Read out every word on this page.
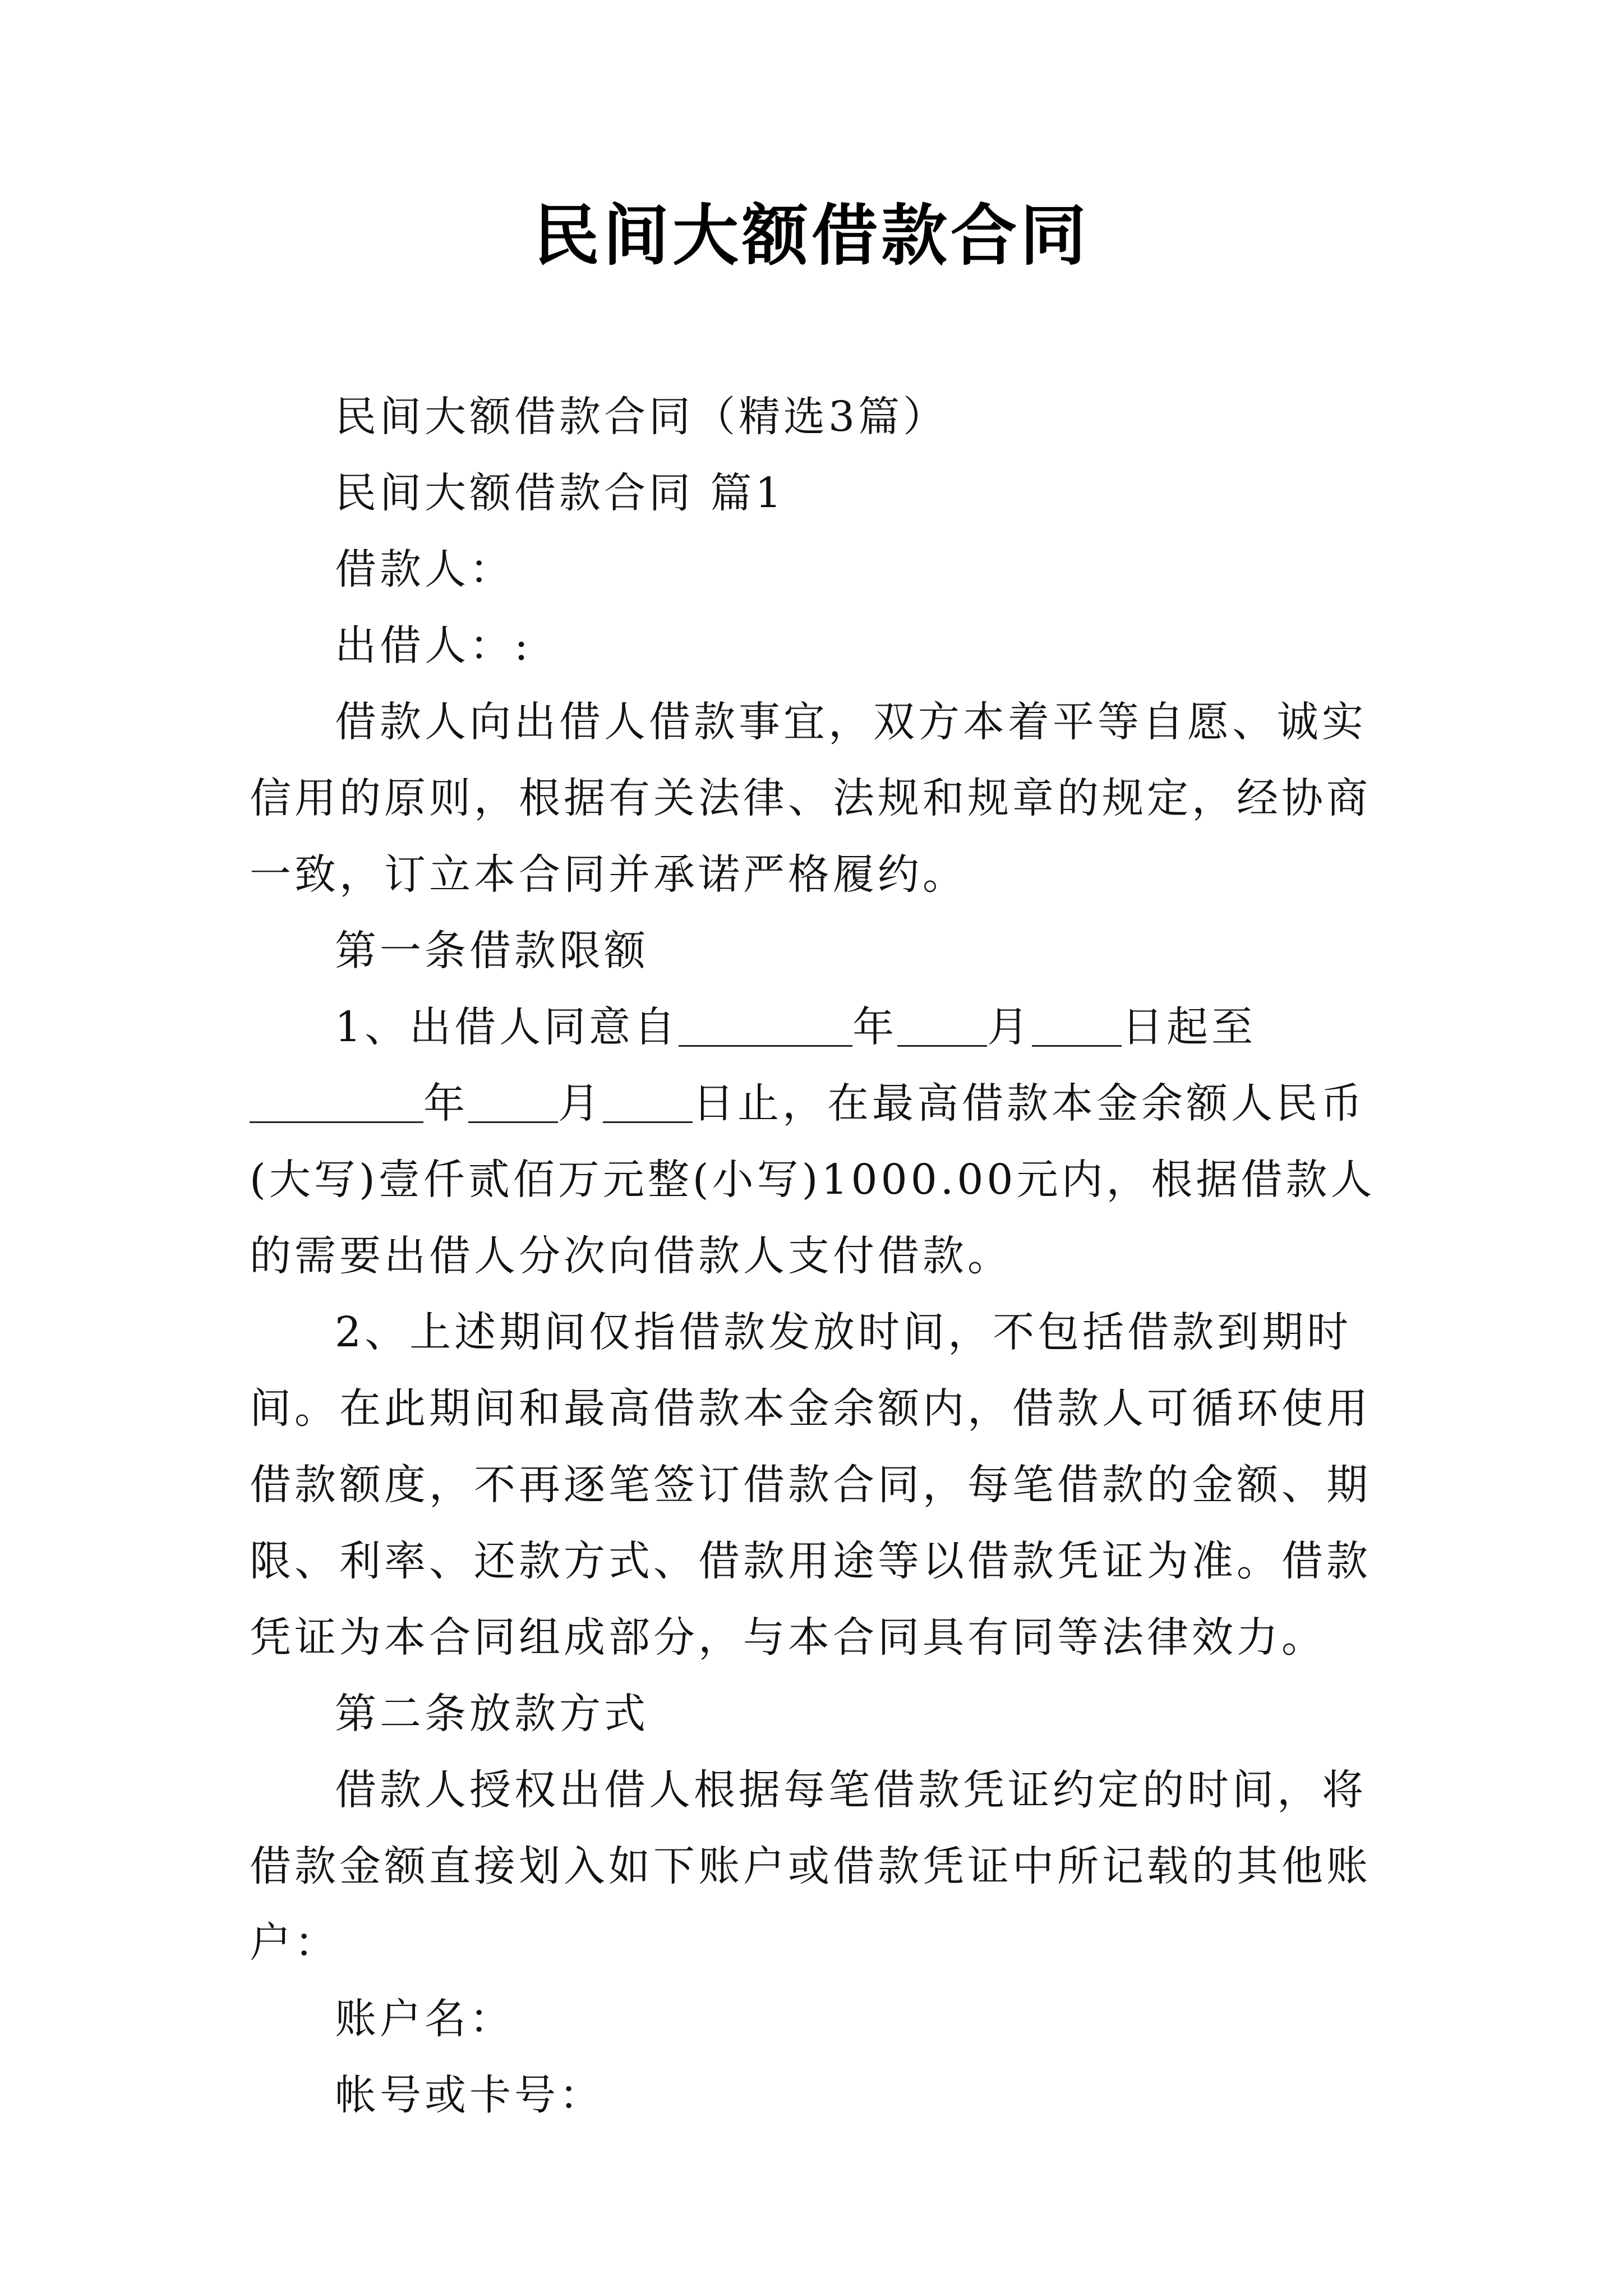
民间大额借款合同

民间大额借款合同（精选3篇）

民间大额借款合同 篇1

借款人：

出借人：:

借款人向出借人借款事宜，双方本着平等自愿、诚实信用的原则，根据有关法律、法规和规章的规定，经协商一致，订立本合同并承诺严格履约。

第一条借款限额

1、出借人同意自	年 月 日起至年 月 日止，在最高借款本金余额人民币(大写)壹仟贰佰万元整(小写)1000.00元内，根据借款人的需要出借人分次向借款人支付借款。

2、上述期间仅指借款发放时间，不包括借款到期时间。在此期间和最高借款本金余额内，借款人可循环使用借款额度，不再逐笔签订借款合同，每笔借款的金额、期限、利率、还款方式、借款用途等以借款凭证为准。借款凭证为本合同组成部分，与本合同具有同等法律效力。

第二条放款方式

借款人授权出借人根据每笔借款凭证约定的时间，将借款金额直接划入如下账户或借款凭证中所记载的其他账户：

账户名：

帐号或卡号：
